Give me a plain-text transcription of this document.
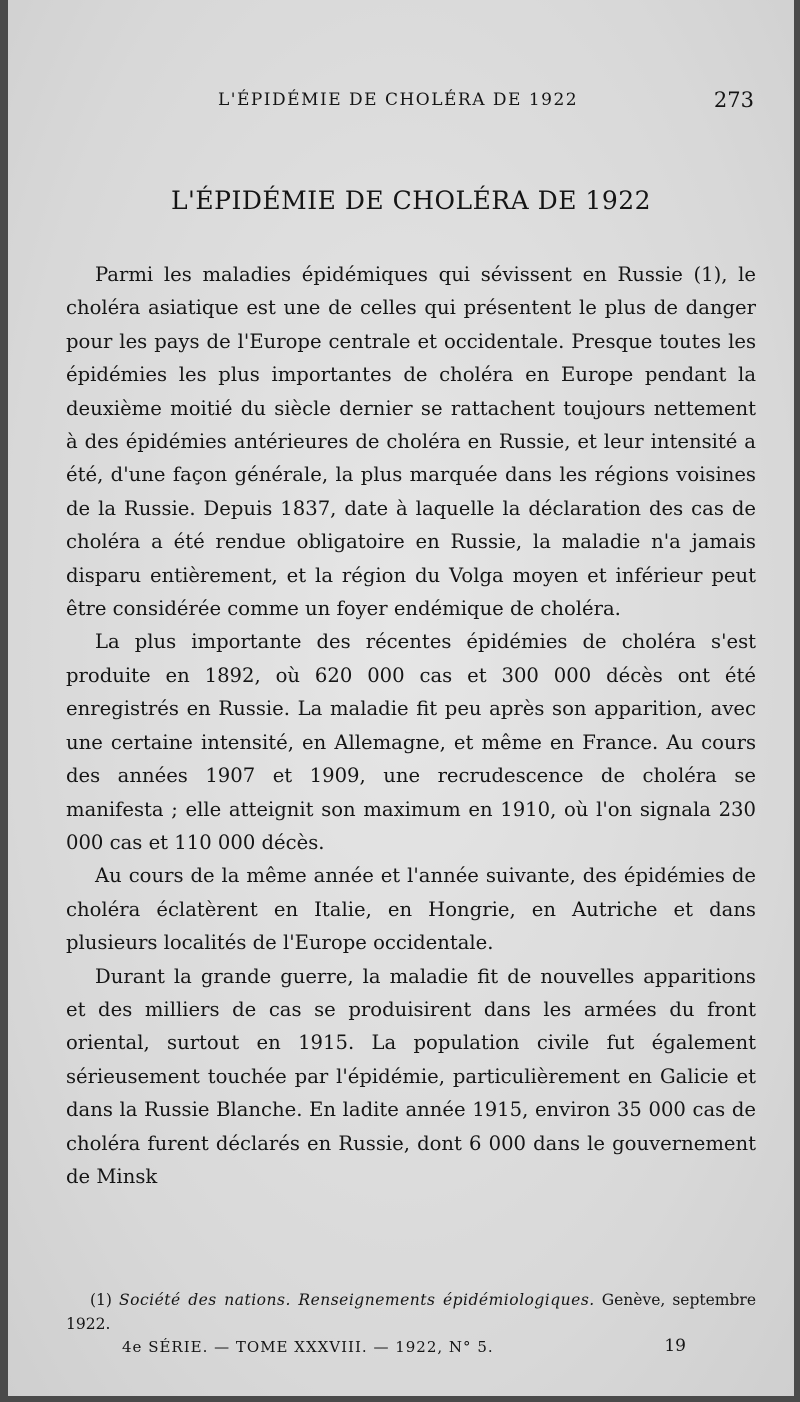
L'ÉPIDÉMIE DE CHOLÉRA DE 1922	273
L'ÉPIDÉMIE DE CHOLÉRA DE 1922

Parmi les maladies épidémiques qui sévissent en Russie (1), le choléra asiatique est une de celles qui présentent le plus de danger pour les pays de l'Europe centrale et occidentale. Presque toutes les épidémies les plus importantes de choléra en Europe pendant la deuxième moitié du siècle dernier se rattachent toujours nettement à des épidémies antérieures de choléra en Russie, et leur intensité a été, d'une façon générale, la plus marquée dans les régions voisines de la Russie. Depuis 1837, date à laquelle la déclaration des cas de choléra a été rendue obligatoire en Russie, la maladie n'a jamais disparu entièrement, et la région du Volga moyen et inférieur peut être considérée comme un foyer endémique de choléra.

La plus importante des récentes épidémies de choléra s'est produite en 1892, où 620 000 cas et 300 000 décès ont été enregistrés en Russie. La maladie fit peu après son apparition, avec une certaine intensité, en Allemagne, et même en France. Au cours des années 1907 et 1909, une recrudescence de choléra se manifesta ; elle atteignit son maximum en 1910, où l'on signala 230 000 cas et 110 000 décès.

Au cours de la même année et l'année suivante, des épidémies de choléra éclatèrent en Italie, en Hongrie, en Autriche et dans plusieurs localités de l'Europe occidentale.

Durant la grande guerre, la maladie fit de nouvelles apparitions et des milliers de cas se produisirent dans les armées du front oriental, surtout en 1915. La population civile fut également sérieusement touchée par l'épidémie, particulièrement en Galicie et dans la Russie Blanche. En ladite année 1915, environ 35 000 cas de choléra furent déclarés en Russie, dont 6 000 dans le gouvernement de Minsk

(1) Société des nations. Renseignements épidémiologiques. Genève, septembre 1922.
4e SÉRIE. — TOME XXXVIII. — 1922, N° 5.	19
